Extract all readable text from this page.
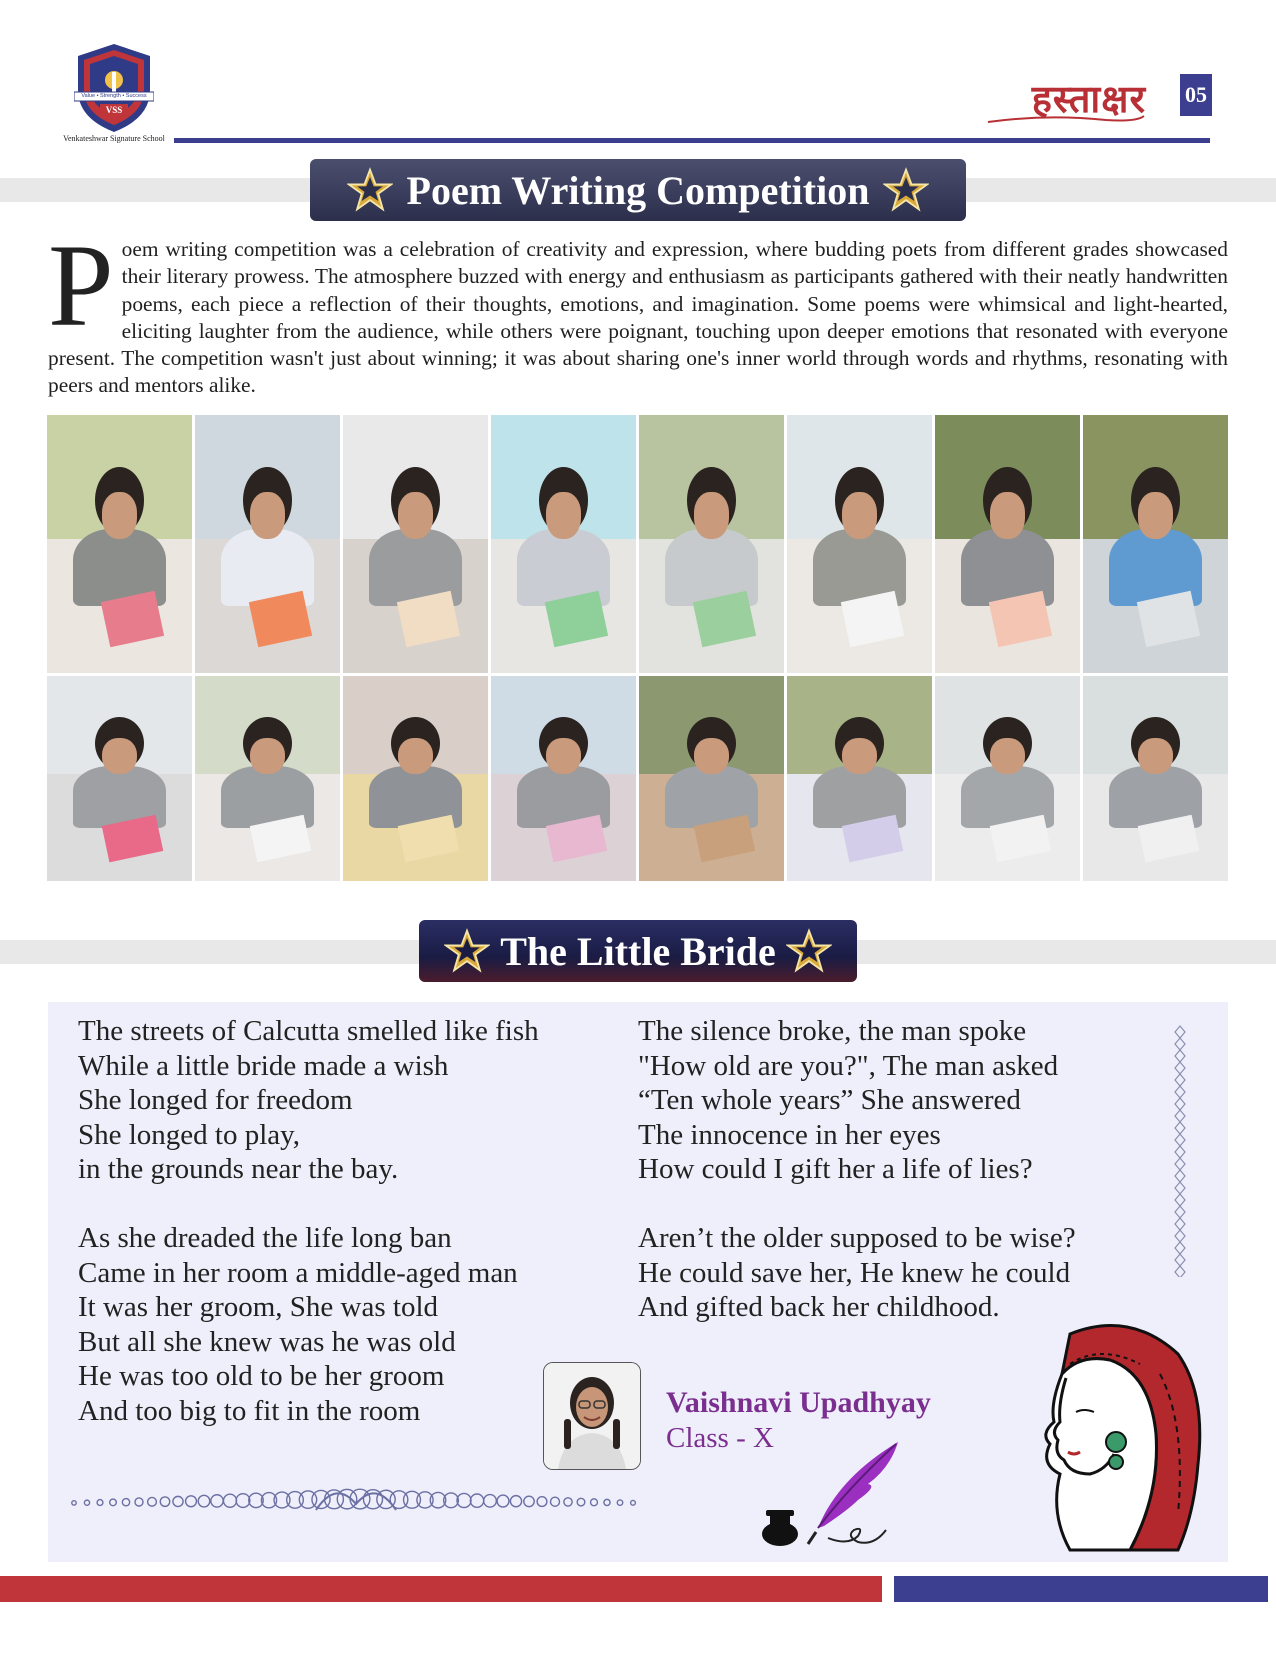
Value • Strength • Success
VSS
Venkateshwar Signature School
हस्ताक्षर 05
Poem Writing Competition
Poem writing competition was a celebration of creativity and expression, where budding poets from different grades showcased their literary prowess. The atmosphere buzzed with energy and enthusiasm as participants gathered with their neatly handwritten poems, each piece a reflection of their thoughts, emotions, and imagination. Some poems were whimsical and light-hearted, eliciting laughter from the audience, while others were poignant, touching upon deeper emotions that resonated with everyone present. The competition wasn't just about winning; it was about sharing one's inner world through words and rhythms, resonating with peers and mentors alike.
The Little Bride

The streets of Calcutta smelled like fish

While a little bride made a wish

She longed for freedom

She longed to play,

in the grounds near the bay.

As she dreaded the life long ban

Came in her room a middle-aged man

It was her groom, She was told

But all she knew was he was old

He was too old to be her groom

And too big to fit in the room

The silence broke, the man spoke

"How old are you?", The man asked

“Ten whole years” She answered

The innocence in her eyes

How could I gift her a life of lies?

Aren’t the older supposed to be wise?

He could save her, He knew he could

And gifted back her childhood.

Vaishnavi Upadhyay
Class - X
